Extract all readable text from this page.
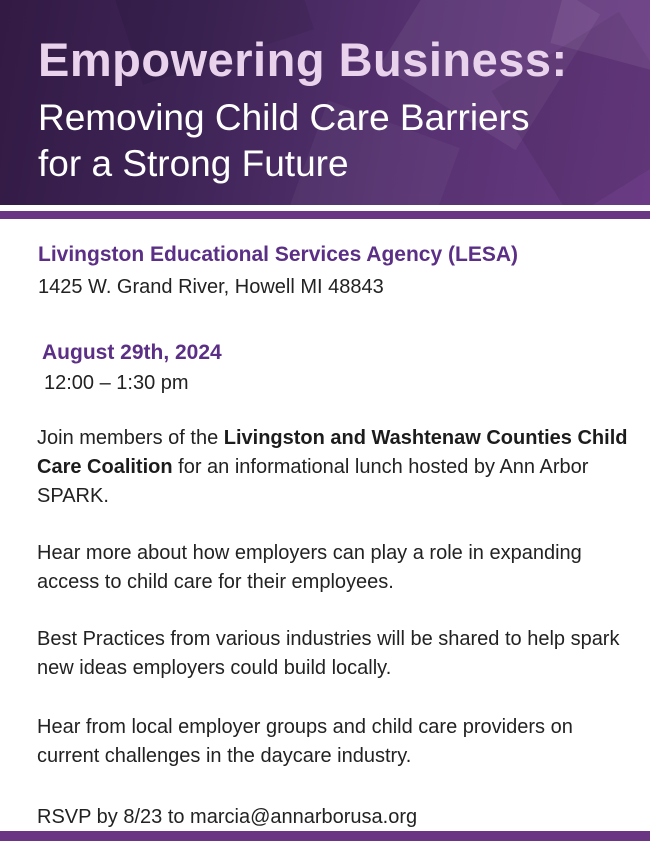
Empowering Business:
Removing Child Care Barriers
for a Strong Future
Livingston Educational Services Agency (LESA)
1425 W. Grand River, Howell MI 48843
August 29th, 2024
12:00 – 1:30 pm
Join members of the Livingston and Washtenaw Counties Child Care Coalition for an informational lunch hosted by Ann Arbor SPARK.
Hear more about how employers can play a role in expanding access to child care for their employees.
Best Practices from various industries will be shared to help spark new ideas employers could build locally.
Hear from local employer groups and child care providers on current challenges in the daycare industry.
RSVP by 8/23 to marcia@annarborusa.org
